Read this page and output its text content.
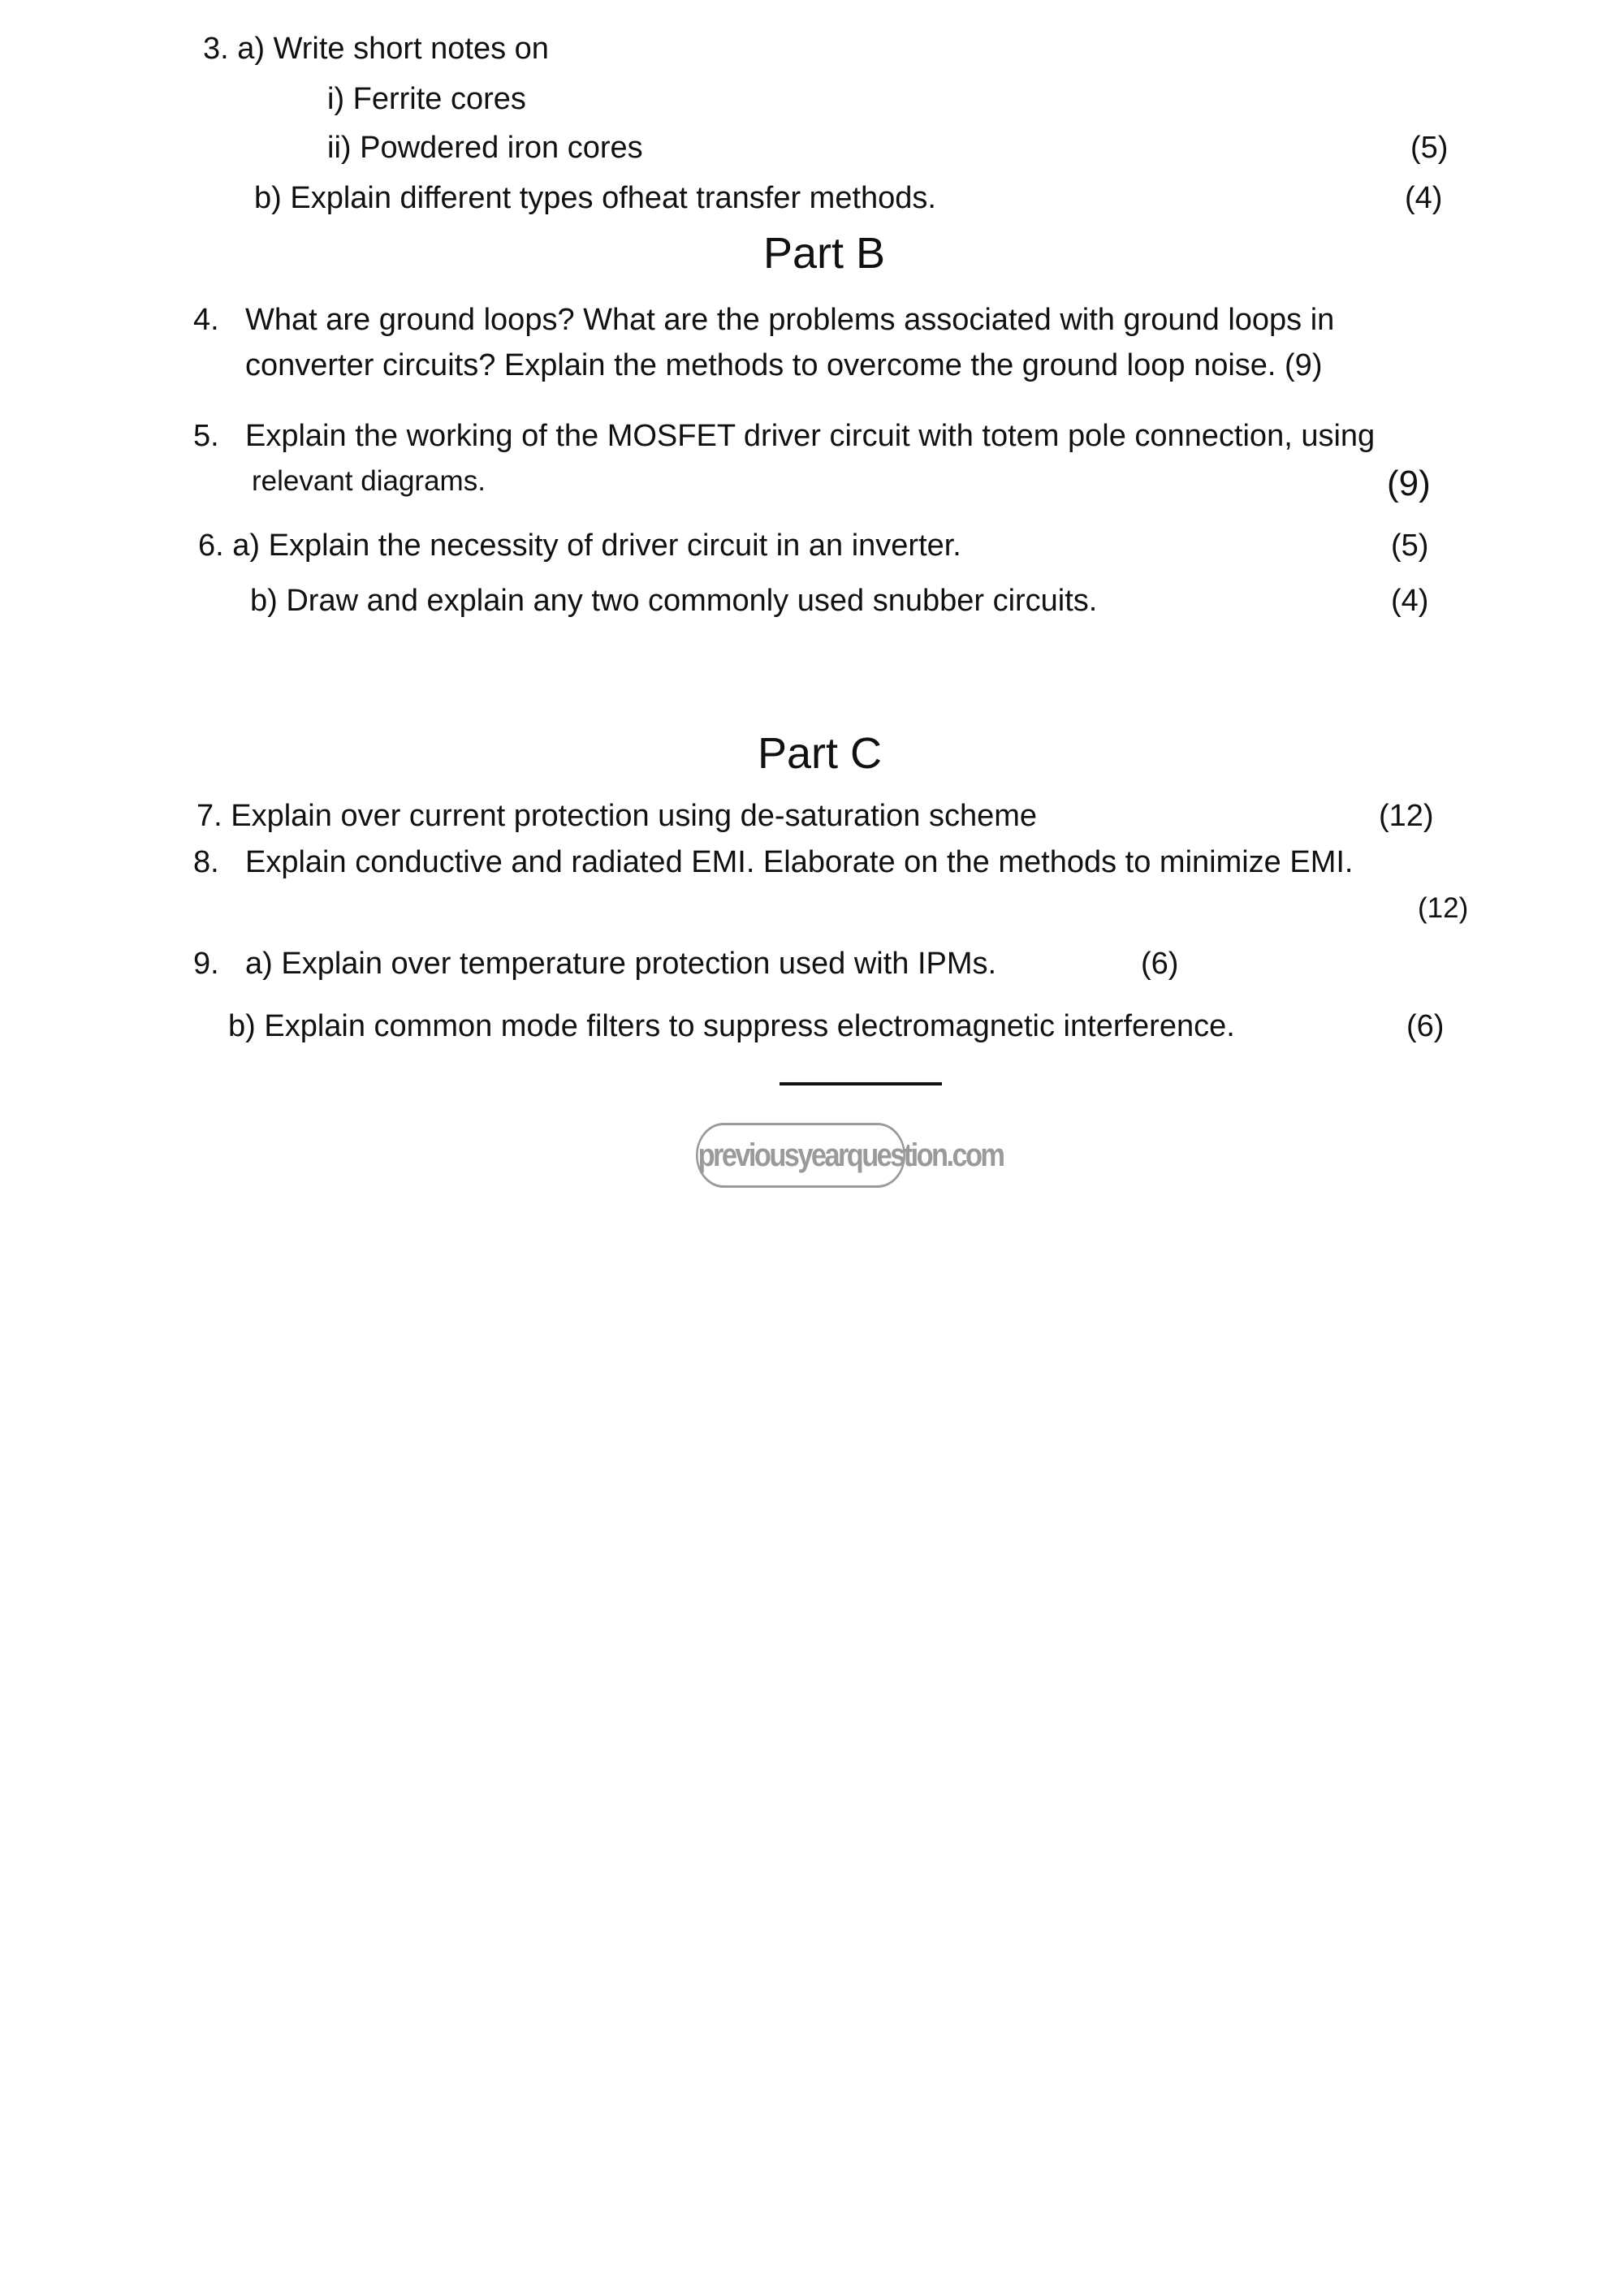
3. a) Write short notes on
i) Ferrite cores
ii) Powdered iron cores	(5)
b) Explain different types ofheat transfer methods.	(4)
Part B
4. What are ground loops? What are the problems associated with ground loops in
converter circuits? Explain the methods to overcome the ground loop noise. (9)
5. Explain the working of the MOSFET driver circuit with totem pole connection, using
relevant diagrams.	(9)
6. a) Explain the necessity of driver circuit in an inverter.	(5)
b) Draw and explain any two commonly used snubber circuits.	(4)
Part C
7. Explain over current protection using de-saturation scheme	(12)
8. Explain conductive and radiated EMI. Elaborate on the methods to minimize EMI.
(12)
9. a) Explain over temperature protection used with IPMs.	(6)
b) Explain common mode filters to suppress electromagnetic interference.	(6)
previousyearquestion.com
